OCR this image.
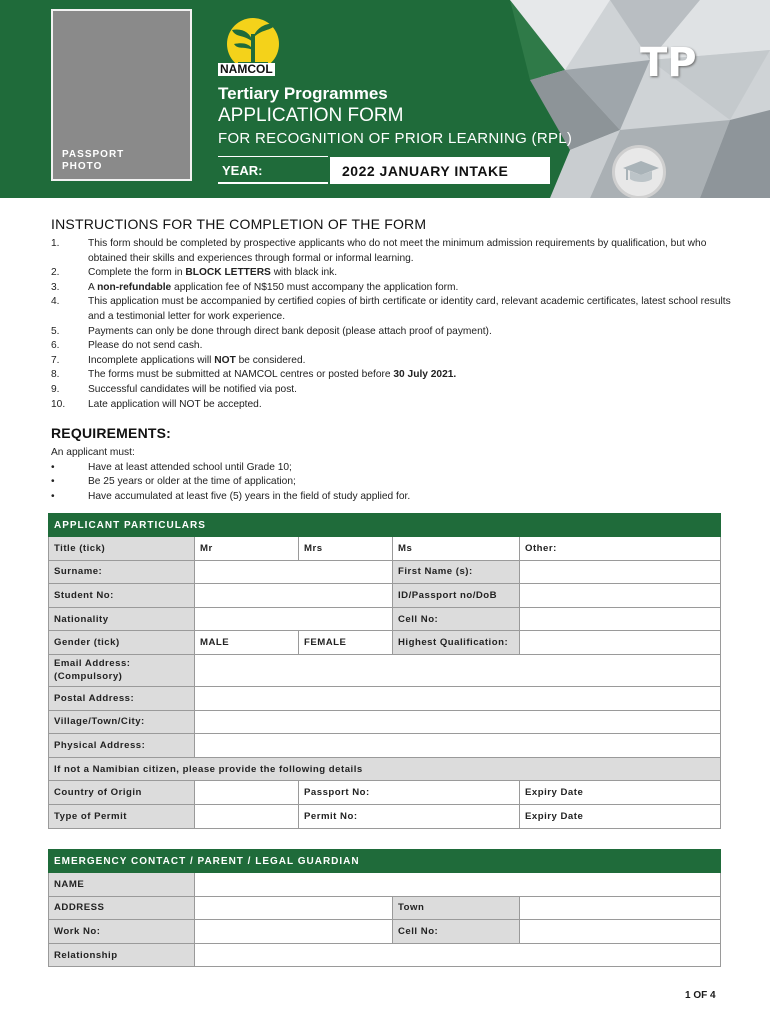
PASSPORT
PHOTO
NAMCOL
Tertiary Programmes
APPLICATION FORM
FOR RECOGNITION OF PRIOR LEARNING (RPL)
YEAR:	2022 JANUARY INTAKE
TP
INSTRUCTIONS FOR THE COMPLETION OF THE FORM
1.	This form should be completed by prospective applicants who do not meet the minimum admission requirements by qualification, but who obtained their skills and experiences through formal or informal learning.
2.	Complete the form in BLOCK LETTERS with black ink.
3.	A non-refundable application fee of N$150 must accompany the application form.
4.	This application must be accompanied by certified copies of birth certificate or identity card, relevant academic certificates, latest school results and a testimonial letter for work experience.
5.	Payments can only be done through direct bank deposit (please attach proof of payment).
6.	Please do not send cash.
7.	Incomplete applications will NOT be considered.
8.	The forms must be submitted at NAMCOL centres or posted before 30 July 2021.
9.	Successful candidates will be notified via post.
10.	Late application will NOT be accepted.
REQUIREMENTS:
An applicant must:
•	Have at least attended school until Grade 10;
•	Be 25 years or older at the time of application;
•	Have accumulated at least five (5) years in the field of study applied for.
APPLICANT PARTICULARS				
Title (tick)	Mr	Mrs	Ms	Other:
Surname:			First Name (s):	
Student No:			ID/Passport no/DoB	
Nationality			Cell No:	
Gender (tick)	MALE	FEMALE	Highest Qualification:	
Email Address: (Compulsory)				
Postal Address:				
Village/Town/City:				
Physical Address:				
If not a Namibian citizen, please provide the following details				
Country of Origin		Passport No:		Expiry Date
Type of Permit		Permit No:		Expiry Date
EMERGENCY CONTACT / PARENT / LEGAL GUARDIAN			
NAME			
ADDRESS		Town	
Work No:		Cell No:	
Relationship			
1 OF 4
